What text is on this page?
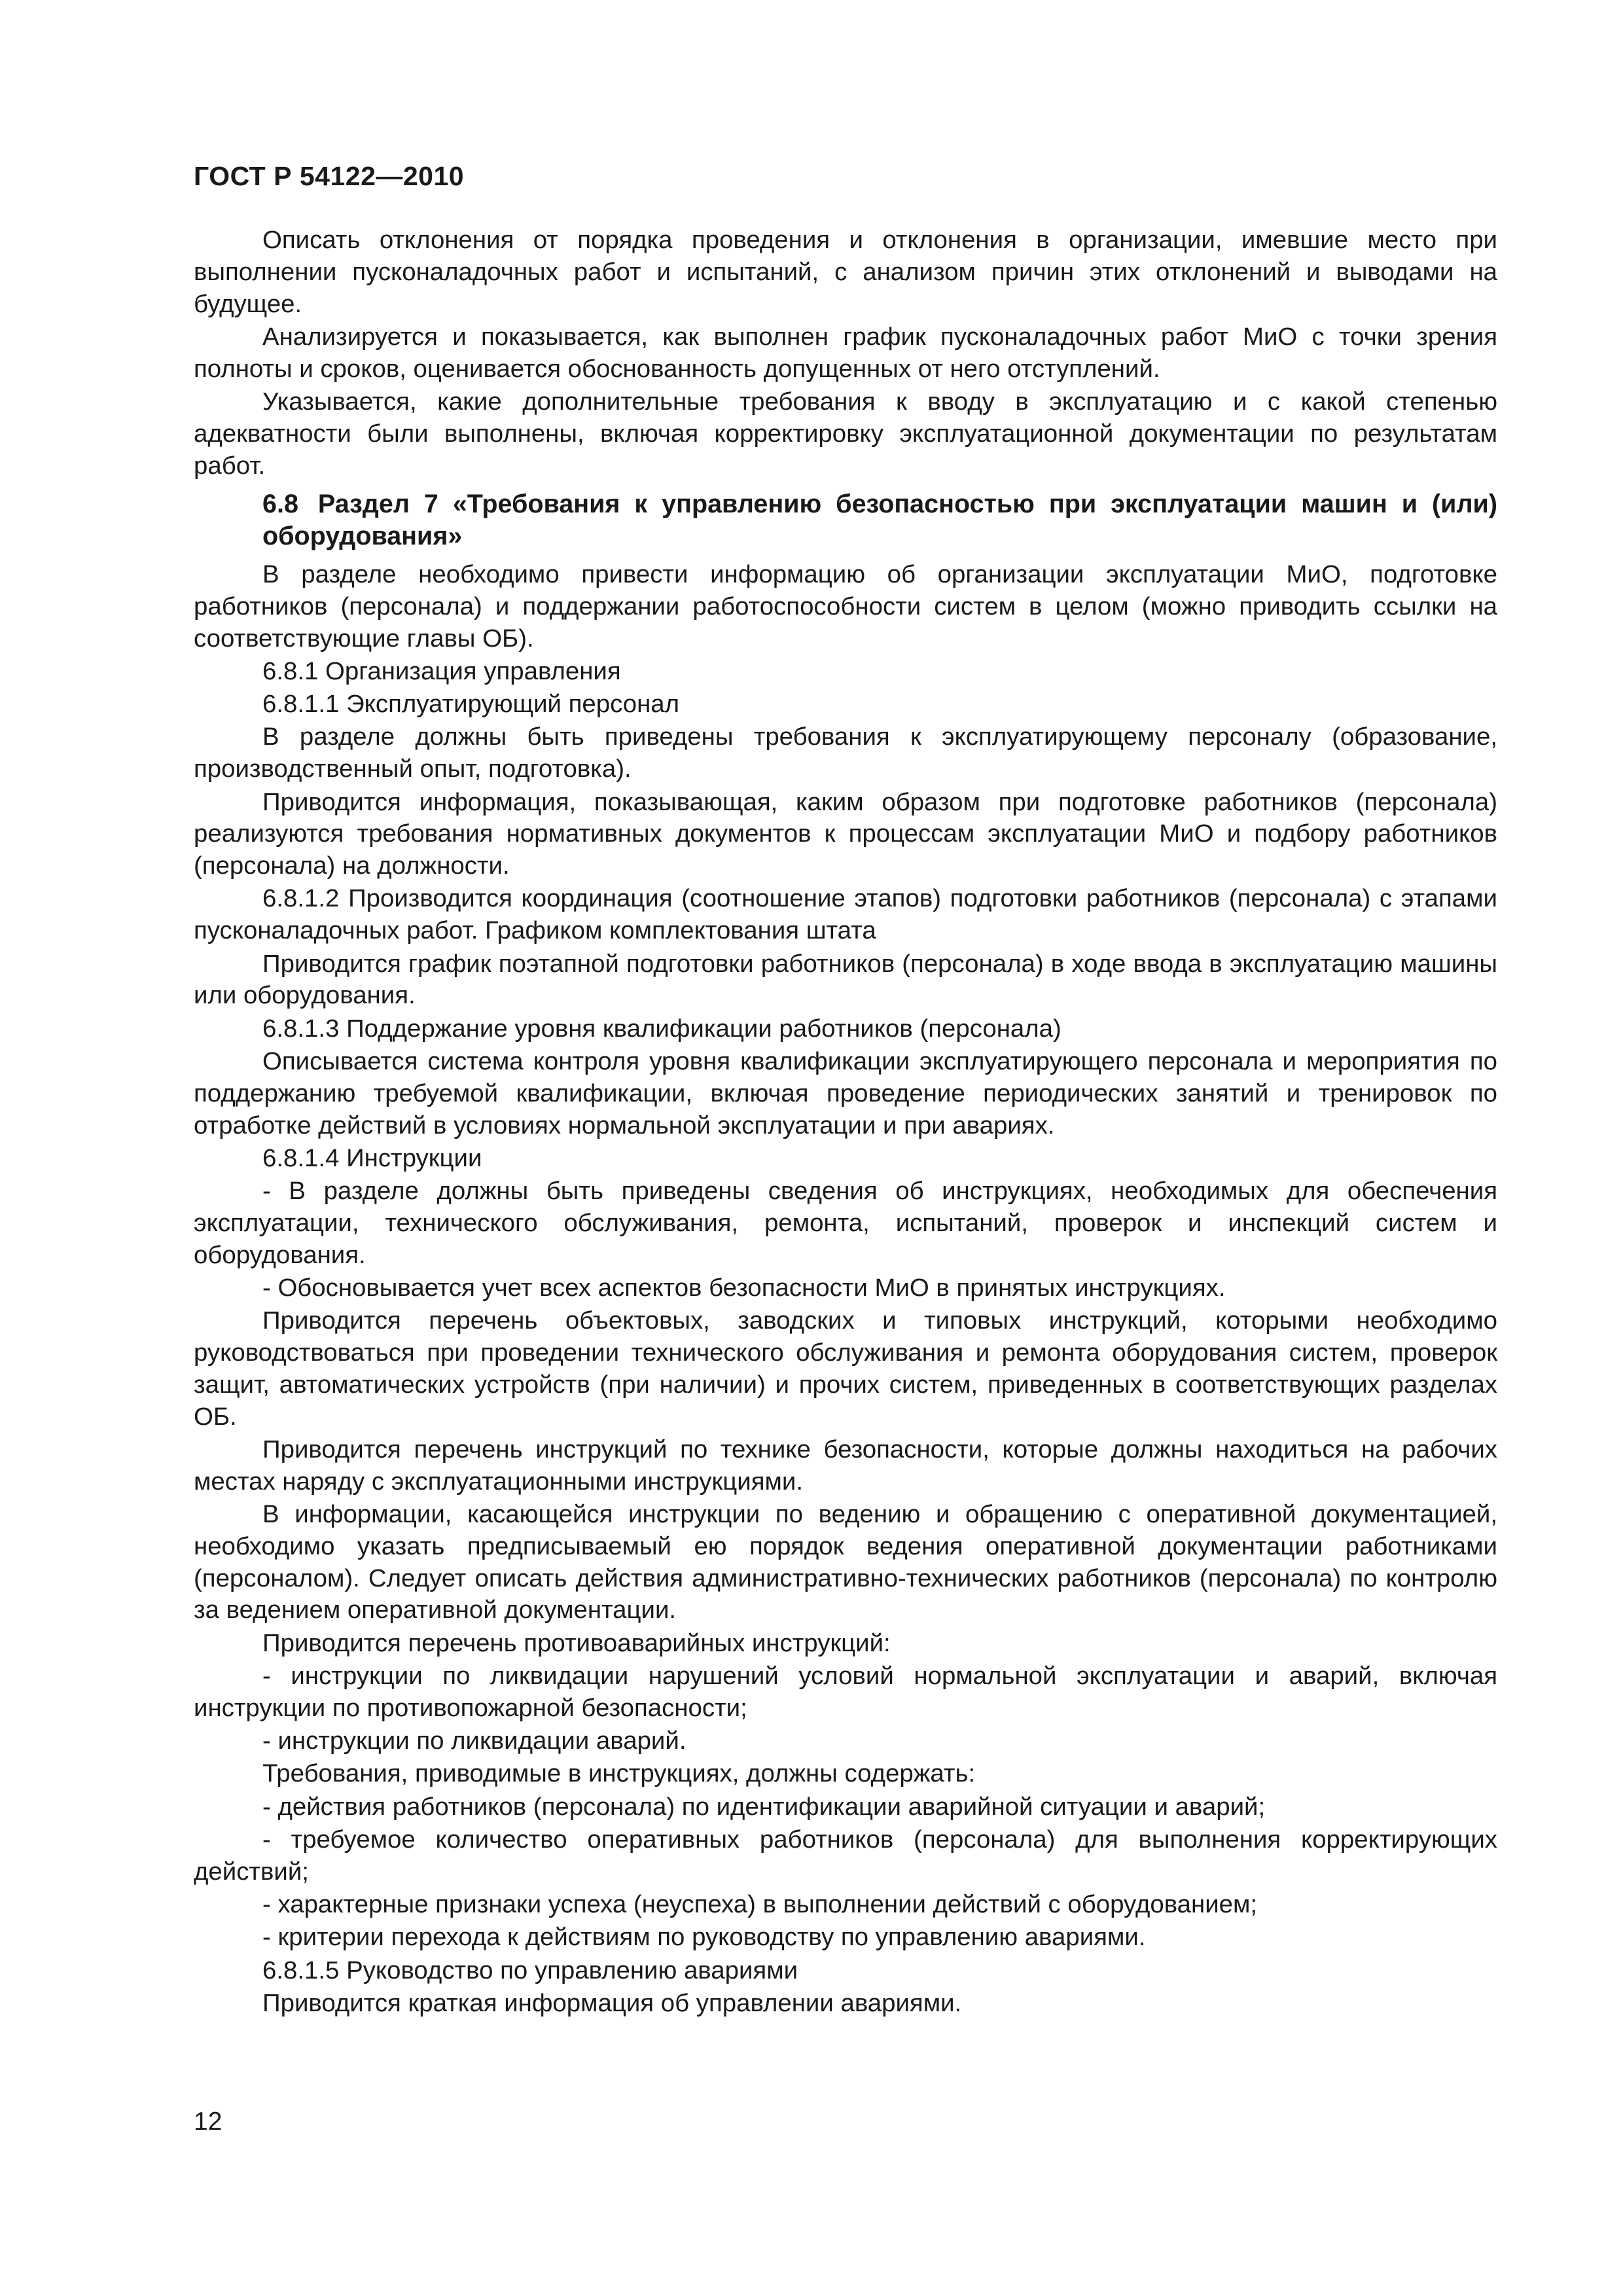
ГОСТ Р 54122—2010

Описать отклонения от порядка проведения и отклонения в организации, имевшие место при выполнении пусконаладочных работ и испытаний, с анализом причин этих отклонений и выводами на будущее.

Анализируется и показывается, как выполнен график пусконаладочных работ МиО с точки зрения полноты и сроков, оценивается обоснованность допущенных от него отступлений.

Указывается, какие дополнительные требования к вводу в эксплуатацию и с какой степенью адекватности были выполнены, включая корректировку эксплуатационной документации по результатам работ.

6.8 Раздел 7 «Требования к управлению безопасностью при эксплуатации машин и (или) оборудования»

В разделе необходимо привести информацию об организации эксплуатации МиО, подготовке работников (персонала) и поддержании работоспособности систем в целом (можно приводить ссылки на соответствующие главы ОБ).

6.8.1 Организация управления

6.8.1.1 Эксплуатирующий персонал

В разделе должны быть приведены требования к эксплуатирующему персоналу (образование, производственный опыт, подготовка).

Приводится информация, показывающая, каким образом при подготовке работников (персонала) реализуются требования нормативных документов к процессам эксплуатации МиО и подбору работников (персонала) на должности.

6.8.1.2 Производится координация (соотношение этапов) подготовки работников (персонала) с этапами пусконаладочных работ. Графиком комплектования штата

Приводится график поэтапной подготовки работников (персонала) в ходе ввода в эксплуатацию машины или оборудования.

6.8.1.3 Поддержание уровня квалификации работников (персонала)

Описывается система контроля уровня квалификации эксплуатирующего персонала и мероприятия по поддержанию требуемой квалификации, включая проведение периодических занятий и тренировок по отработке действий в условиях нормальной эксплуатации и при авариях.

6.8.1.4 Инструкции

- В разделе должны быть приведены сведения об инструкциях, необходимых для обеспечения эксплуатации, технического обслуживания, ремонта, испытаний, проверок и инспекций систем и оборудования.

- Обосновывается учет всех аспектов безопасности МиО в принятых инструкциях.

Приводится перечень объектовых, заводских и типовых инструкций, которыми необходимо руководствоваться при проведении технического обслуживания и ремонта оборудования систем, проверок защит, автоматических устройств (при наличии) и прочих систем, приведенных в соответствующих разделах ОБ.

Приводится перечень инструкций по технике безопасности, которые должны находиться на рабочих местах наряду с эксплуатационными инструкциями.

В информации, касающейся инструкции по ведению и обращению с оперативной документацией, необходимо указать предписываемый ею порядок ведения оперативной документации работниками (персоналом). Следует описать действия административно-технических работников (персонала) по контролю за ведением оперативной документации.

Приводится перечень противоаварийных инструкций:

- инструкции по ликвидации нарушений условий нормальной эксплуатации и аварий, включая инструкции по противопожарной безопасности;

- инструкции по ликвидации аварий.

Требования, приводимые в инструкциях, должны содержать:

- действия работников (персонала) по идентификации аварийной ситуации и аварий;

- требуемое количество оперативных работников (персонала) для выполнения корректирующих действий;

- характерные признаки успеха (неуспеха) в выполнении действий с оборудованием;

- критерии перехода к действиям по руководству по управлению авариями.

6.8.1.5 Руководство по управлению авариями

Приводится краткая информация об управлении авариями.

12
